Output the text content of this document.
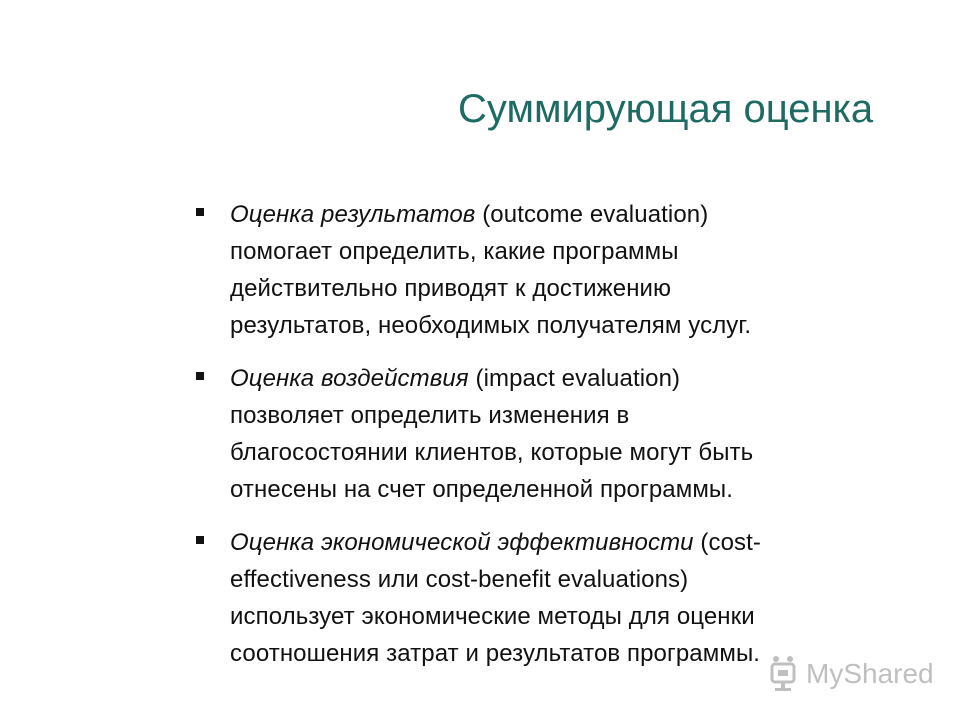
Суммирующая оценка
Оценка результатов (outcome evaluation)
помогает определить, какие программы
действительно приводят к достижению
результатов, необходимых получателям услуг.
Оценка воздействия (impact evaluation)
позволяет определить изменения в
благосостоянии клиентов, которые могут быть
отнесены на счет определенной программы.
Оценка экономической эффективности (cost-
effectiveness или cost-benefit evaluations)
использует экономические методы для оценки
соотношения затрат и результатов программы.
MyShared
